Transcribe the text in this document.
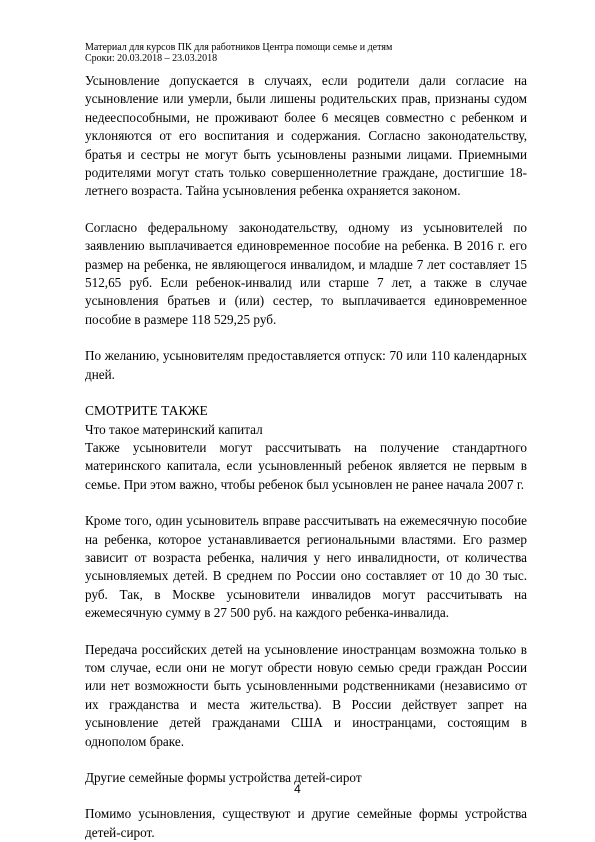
Материал для курсов ПК для работников Центра помощи семье и детям
Сроки: 20.03.2018 – 23.03.2018

Усыновление допускается в случаях, если родители дали согласие на усыновление или умерли, были лишены родительских прав, признаны судом недееспособными, не проживают более 6 месяцев совместно с ребенком и уклоняются от его воспитания и содержания. Согласно законодательству, братья и сестры не могут быть усыновлены разными лицами. Приемными родителями могут стать только совершеннолетние граждане, достигшие 18-летнего возраста. Тайна усыновления ребенка охраняется законом.

Согласно федеральному законодательству, одному из усыновителей по заявлению выплачивается единовременное пособие на ребенка. В 2016 г. его размер на ребенка, не являющегося инвалидом, и младше 7 лет составляет 15 512,65 руб. Если ребенок-инвалид или старше 7 лет, а также в случае усыновления братьев и (или) сестер, то выплачивается единовременное пособие в размере 118 529,25 руб.

По желанию, усыновителям предоставляется отпуск: 70 или 110 календарных дней.

СМОТРИТЕ ТАКЖЕ

Что такое материнский капитал

Также усыновители могут рассчитывать на получение стандартного материнского капитала, если усыновленный ребенок является не первым в семье. При этом важно, чтобы ребенок был усыновлен не ранее начала 2007 г.

Кроме того, один усыновитель вправе рассчитывать на ежемесячную пособие на ребенка, которое устанавливается региональными властями. Его размер зависит от возраста ребенка, наличия у него инвалидности, от количества усыновляемых детей. В среднем по России оно составляет от 10 до 30 тыс. руб. Так, в Москве усыновители инвалидов могут рассчитывать на ежемесячную сумму в 27 500 руб. на каждого ребенка-инвалида.

Передача российских детей на усыновление иностранцам возможна только в том случае, если они не могут обрести новую семью среди граждан России или нет возможности быть усыновленными родственниками (независимо от их гражданства и места жительства). В России действует запрет на усыновление детей гражданами США и иностранцами, состоящим в однополом браке.

Другие семейные формы устройства детей-сирот

Помимо усыновления, существуют и другие семейные формы устройства детей-сирот.

4
